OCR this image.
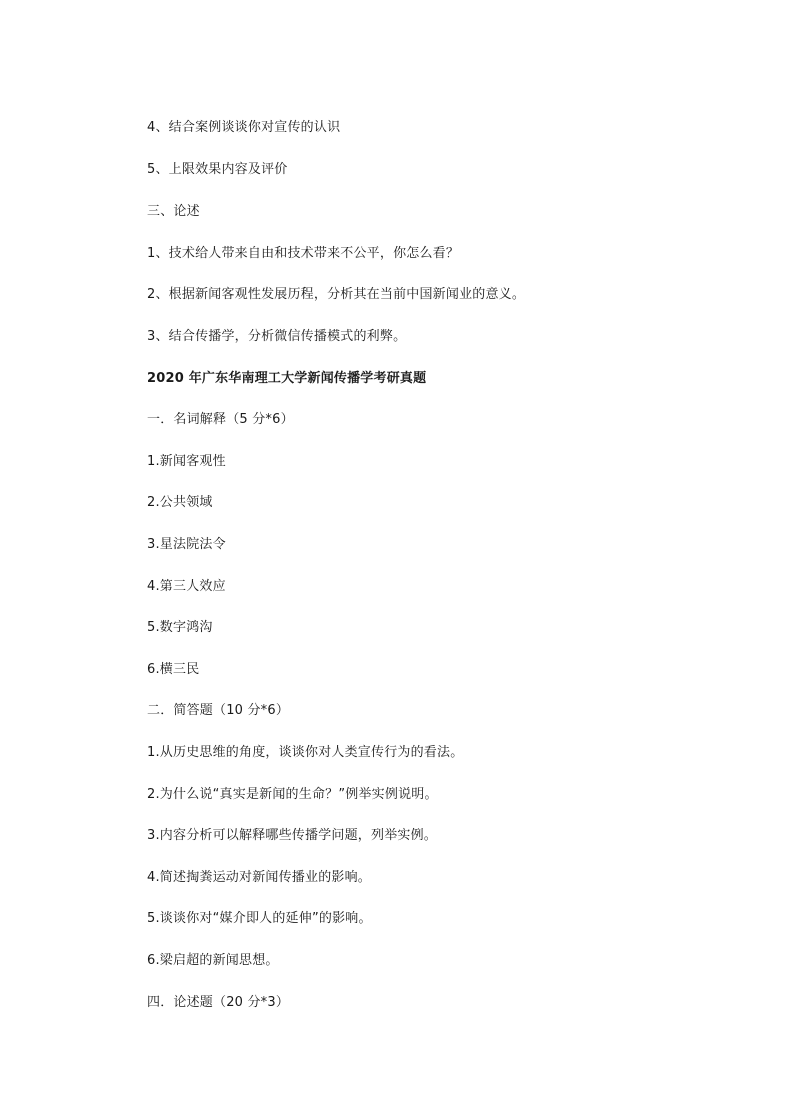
4、结合案例谈谈你对宣传的认识
5、上限效果内容及评价
三、论述
1、技术给人带来自由和技术带来不公平，你怎么看？
2、根据新闻客观性发展历程，分析其在当前中国新闻业的意义。
3、结合传播学，分析微信传播模式的利弊。
2020 年广东华南理工大学新闻传播学考研真题
一．名词解释（5 分*6）
1.新闻客观性
2.公共领域
3.星法院法令
4.第三人效应
5.数字鸿沟
6.横三民
二．简答题（10 分*6）
1.从历史思维的角度，谈谈你对人类宣传行为的看法。
2.为什么说“真实是新闻的生命？”例举实例说明。
3.内容分析可以解释哪些传播学问题，列举实例。
4.简述掏粪运动对新闻传播业的影响。
5.谈谈你对“媒介即人的延伸”的影响。
6.梁启超的新闻思想。
四．论述题（20 分*3）
